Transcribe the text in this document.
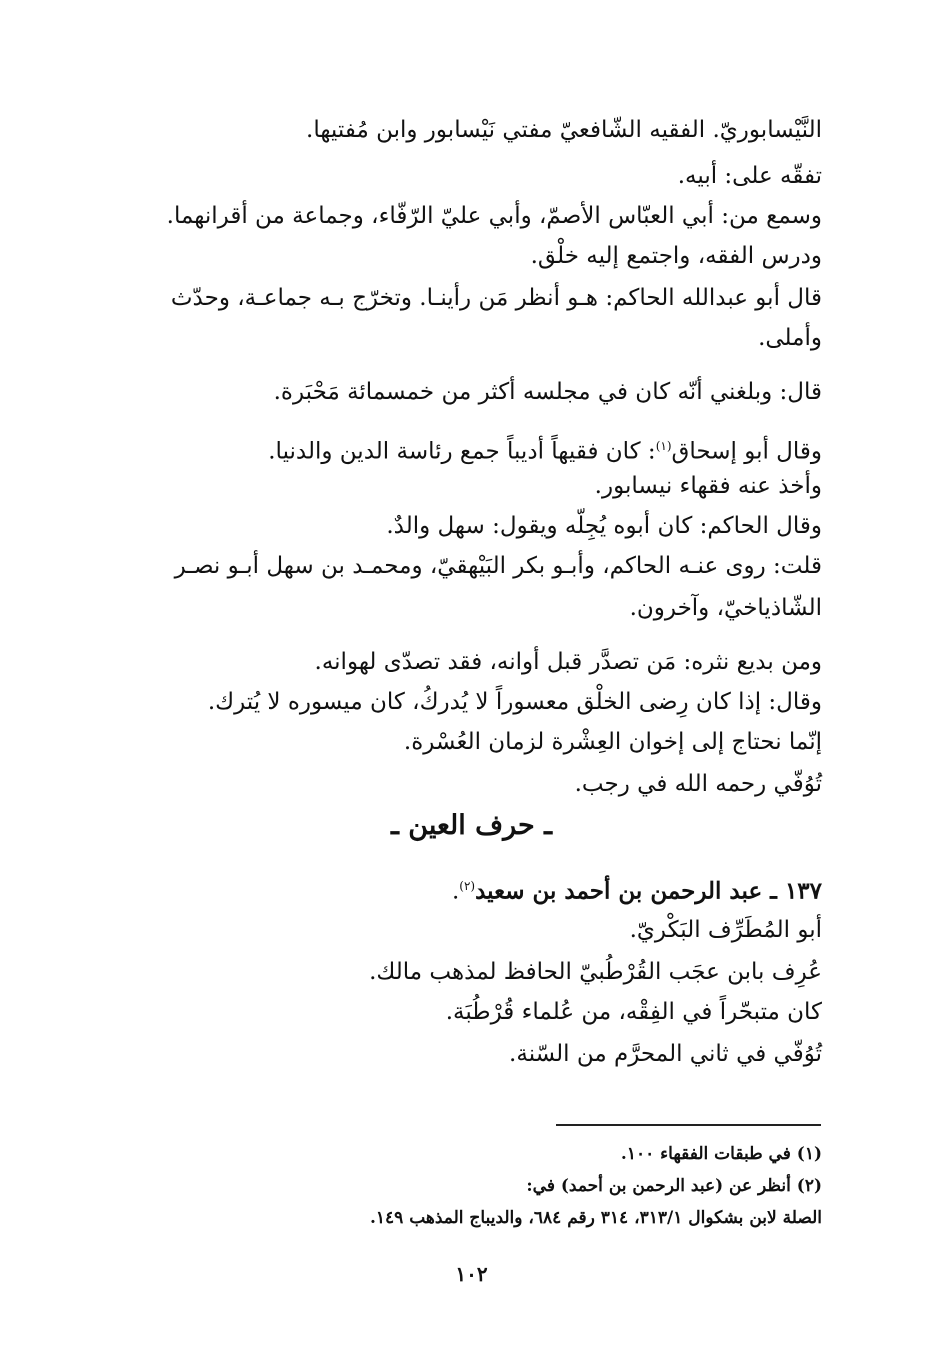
النَّيْسابوريّ. الفقيه الشّافعيّ مفتي نَيْسابور وابن مُفتيها.
تفقّه على: أبيه.
وسمع من: أبي العبّاس الأصمّ، وأبي عليّ الرّفّاء، وجماعة من أقرانهما.
ودرس الفقه، واجتمع إليه خلْق.
قال أبو عبدالله الحاكم: هـو أنظر مَن رأينـا. وتخرّج بـه جماعـة، وحدّث
وأملى.
قال: وبلغني أنّه كان في مجلسه أكثر من خمسمائة مَحْبَرة.
وقال أبو إسحاق$^{(١)}$: كان فقيهاً أديباً جمع رئاسة الدين والدنيا.
وأخذ عنه فقهاء نيسابور.
وقال الحاكم: كان أبوه يُجِلّه ويقول: سهل والدٌ.
قلت: روى عنـه الحاكم، وأبـو بكر البَيْهقيّ، ومحمـد بن سهل أبـو نصـر
الشّاذياخيّ، وآخرون.
ومن بديع نثره: مَن تصدَّر قبل أوانه، فقد تصدّى لهوانه.
وقال: إذا كان رِضى الخلْق معسوراً لا يُدركُ، كان ميسوره لا يُترك.
إنّما نحتاج إلى إخوان العِشْرة لزمان العُسْرة.
تُوُفّي رحمه الله في رجب.
ـ حرف العين ـ
١٣٧ ـ عبد الرحمن بن أحمد بن سعيد$^{(٢)}$.
أبو المُطَرِّف البَكْريّ.
عُرِف بابن عجَب القُرْطُبيّ الحافظ لمذهب مالك.
كان متبحّراً في الفِقْه، من عُلماء قُرْطُبَة.
تُوُفّي في ثاني المحرَّم من السّنة.
(١) في طبقات الفقهاء ١٠٠.
(٢) أنظر عن (عبد الرحمن بن أحمد) في:
الصلة لابن بشكوال ٣١٣/١، ٣١٤ رقم ٦٨٤، والديباج المذهب ١٤٩.
١٠٢
